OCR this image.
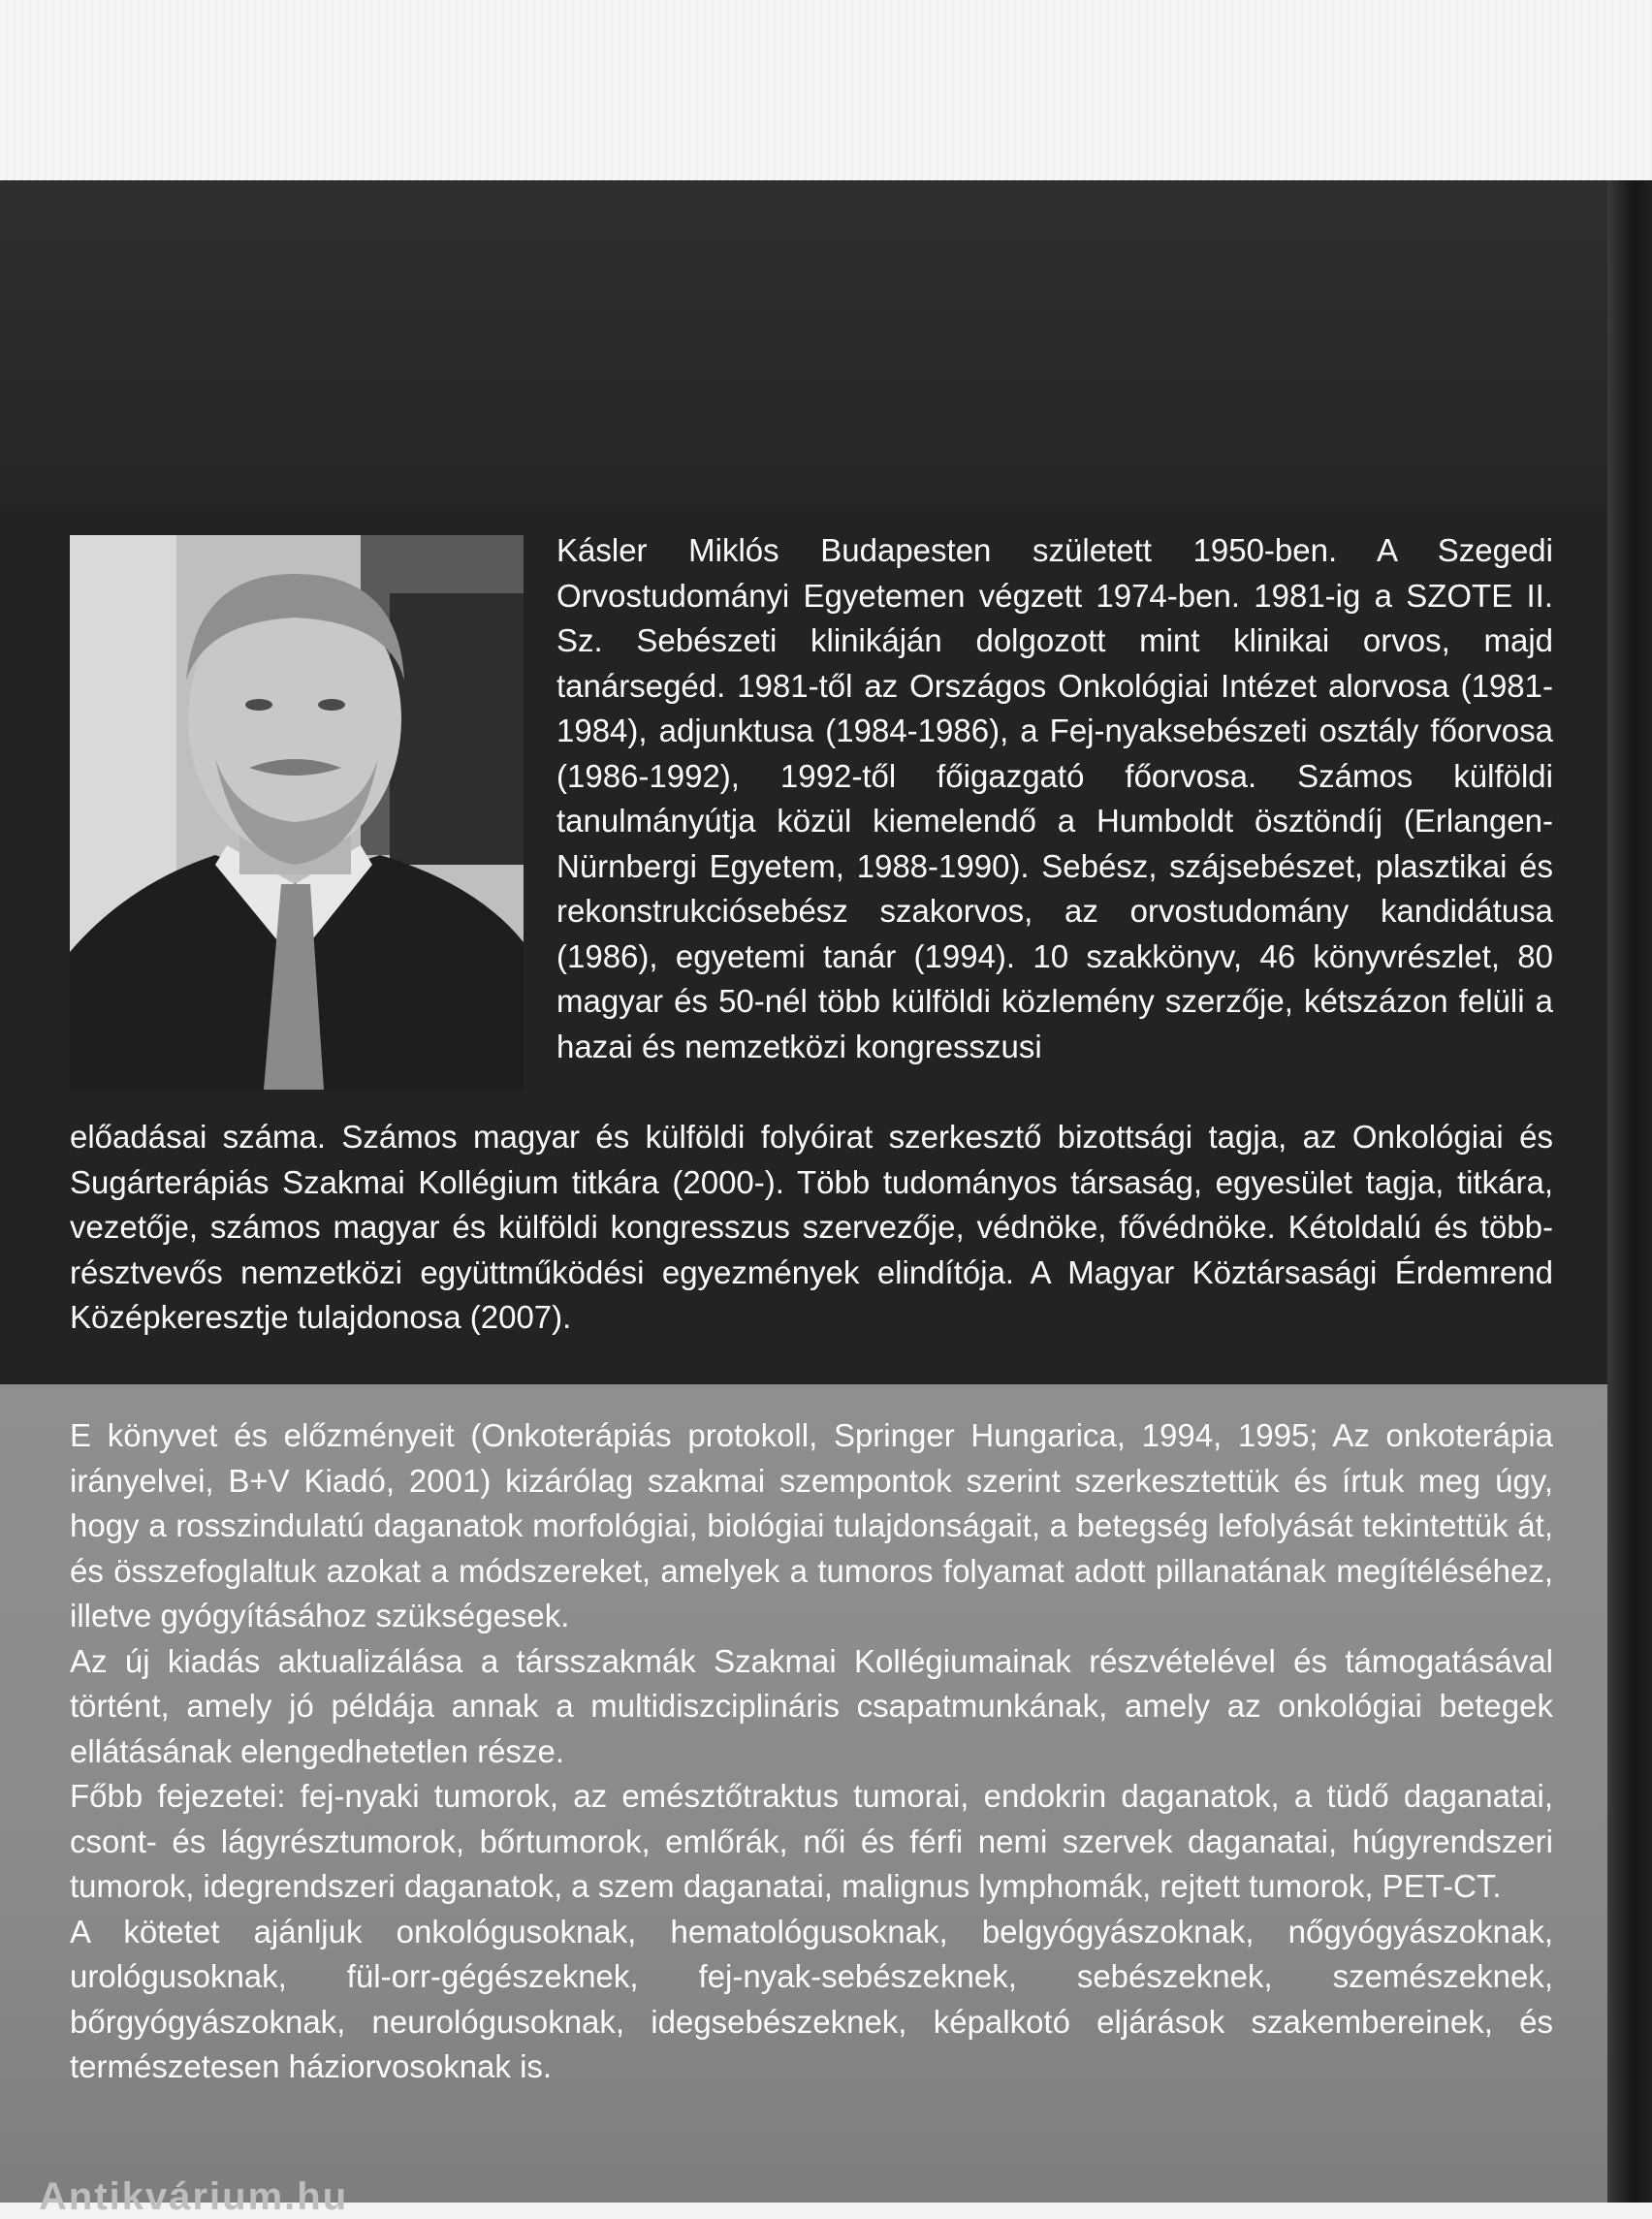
Kásler Miklós Budapesten született 1950-ben. A Szegedi Orvostudományi Egyetemen végzett 1974-ben. 1981-ig a SZOTE II. Sz. Sebészeti klinikáján dolgozott mint klinikai orvos, majd tanársegéd. 1981-től az Országos Onkológiai Intézet alorvosa (1981-1984), adjunktusa (1984-1986), a Fej-nyaksebészeti osztály főorvosa (1986-1992), 1992-től főigazgató főorvosa. Számos külföldi tanulmányútja közül kiemelendő a Humboldt ösztöndíj (Erlangen-Nürnbergi Egyetem, 1988-1990). Sebész, szájsebészet, plasztikai és rekonstrukciósebész szakorvos, az orvostudomány kandidátusa (1986), egyetemi tanár (1994). 10 szakkönyv, 46 könyvrészlet, 80 magyar és 50-nél több külföldi közlemény szerzője, kétszázon felüli a hazai és nemzetközi kongresszusi

előadásai száma. Számos magyar és külföldi folyóirat szerkesztő bizottsági tagja, az Onkológiai és Sugárterápiás Szakmai Kollégium titkára (2000-). Több tudományos társaság, egyesület tagja, titkára, vezetője, számos magyar és külföldi kongresszus szervezője, védnöke, fővédnöke. Kétoldalú és több-résztvevős nemzetközi együttműködési egyezmények elindítója. A Magyar Köztársasági Érdemrend Középkeresztje tulajdonosa (2007).

E könyvet és előzményeit (Onkoterápiás protokoll, Springer Hungarica, 1994, 1995; Az onkoterápia irányelvei, B+V Kiadó, 2001) kizárólag szakmai szempontok szerint szerkesztettük és írtuk meg úgy, hogy a rosszindulatú daganatok morfológiai, biológiai tulajdonságait, a betegség lefolyását tekintettük át, és összefoglaltuk azokat a módszereket, amelyek a tumoros folyamat adott pillanatának megítéléséhez, illetve gyógyításához szükségesek.

Az új kiadás aktualizálása a társszakmák Szakmai Kollégiumainak részvételével és támogatásával történt, amely jó példája annak a multidiszciplináris csapatmunkának, amely az onkológiai betegek ellátásának elengedhetetlen része.

Főbb fejezetei: fej-nyaki tumorok, az emésztőtraktus tumorai, endokrin daganatok, a tüdő daganatai, csont- és lágyrésztumorok, bőrtumorok, emlőrák, női és férfi nemi szervek daganatai, húgyrendszeri tumorok, idegrendszeri daganatok, a szem daganatai, malignus lymphomák, rejtett tumorok, PET-CT.

A kötetet ajánljuk onkológusoknak, hematológusoknak, belgyógyászoknak, nőgyógyászoknak, urológusoknak, fül-orr-gégészeknek, fej-nyak-sebészeknek, sebészeknek, szemészeknek, bőrgyógyászoknak, neurológusoknak, idegsebészeknek, képalkotó eljárások szakembereinek, és természetesen háziorvosoknak is.

Antikvárium.hu
